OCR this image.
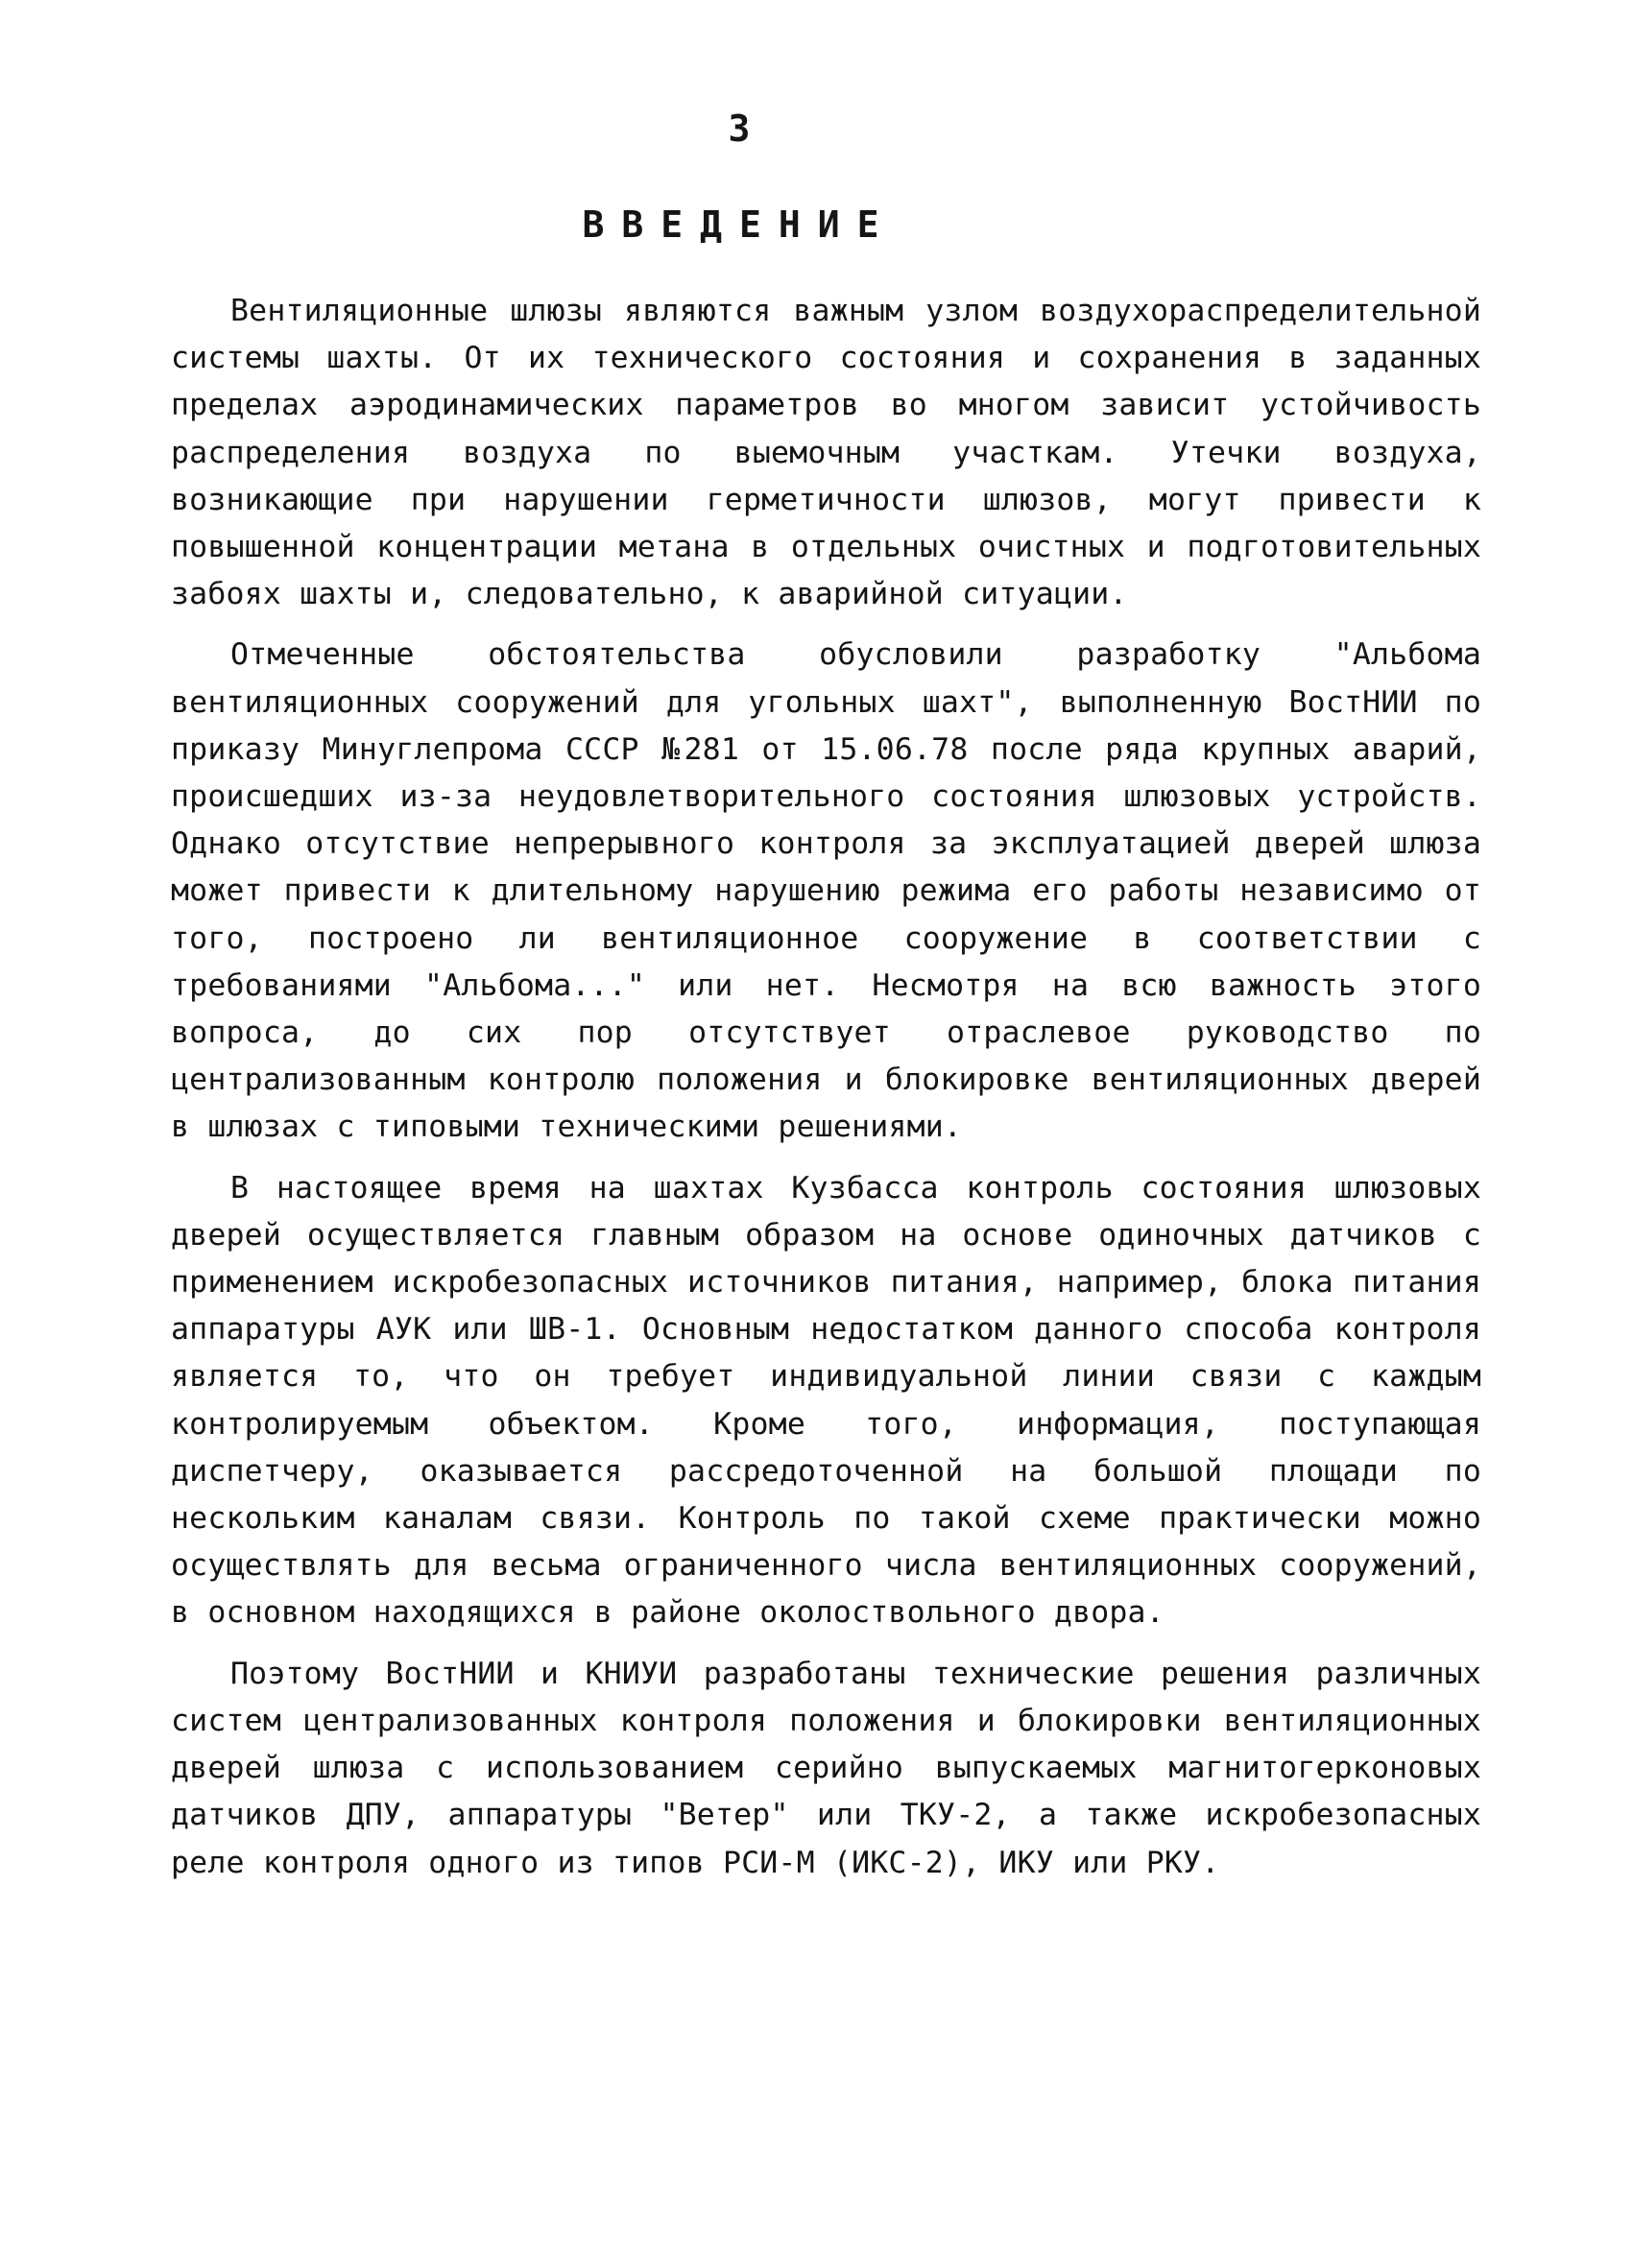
3
ВВЕДЕНИЕ

Вентиляционные шлюзы являются важным узлом воздухораспределительной системы шахты. От их технического состояния и сохранения в заданных пределах аэродинамических параметров во многом зависит устойчивость распределения воздуха по выемочным участкам. Утечки воздуха, возникающие при нарушении герметичности шлюзов, могут привести к повышенной концентрации метана в отдельных очистных и подготовительных забоях шахты и, следовательно, к аварийной ситуации.

Отмеченные обстоятельства обусловили разработку "Альбома вентиляционных сооружений для угольных шахт", выполненную ВостНИИ по приказу Минуглепрома СССР №281 от 15.06.78 после ряда крупных аварий, происшедших из-за неудовлетворительного состояния шлюзовых устройств. Однако отсутствие непрерывного контроля за эксплуатацией дверей шлюза может привести к длительному нарушению режима его работы независимо от того, построено ли вентиляционное сооружение в соответствии с требованиями "Альбома..." или нет. Несмотря на всю важность этого вопроса, до сих пор отсутствует отраслевое руководство по централизованным контролю положения и блокировке вентиляционных дверей в шлюзах с типовыми техническими решениями.

В настоящее время на шахтах Кузбасса контроль состояния шлюзовых дверей осуществляется главным образом на основе одиночных датчиков с применением искробезопасных источников питания, например, блока питания аппаратуры АУК или ШВ-1. Основным недостатком данного способа контроля является то, что он требует индивидуальной линии связи с каждым контролируемым объектом. Кроме того, информация, поступающая диспетчеру, оказывается рассредоточенной на большой площади по нескольким каналам связи. Контроль по такой схеме практически можно осуществлять для весьма ограниченного числа вентиляционных сооружений, в основном находящихся в районе околоствольного двора.

Поэтому ВостНИИ и КНИУИ разработаны технические решения различных систем централизованных контроля положения и блокировки вентиляционных дверей шлюза с использованием серийно выпускаемых магнитогерконовых датчиков ДПУ, аппаратуры "Ветер" или ТКУ-2, а также искробезопасных реле контроля одного из типов РСИ-М (ИКС-2), ИКУ или РКУ.
